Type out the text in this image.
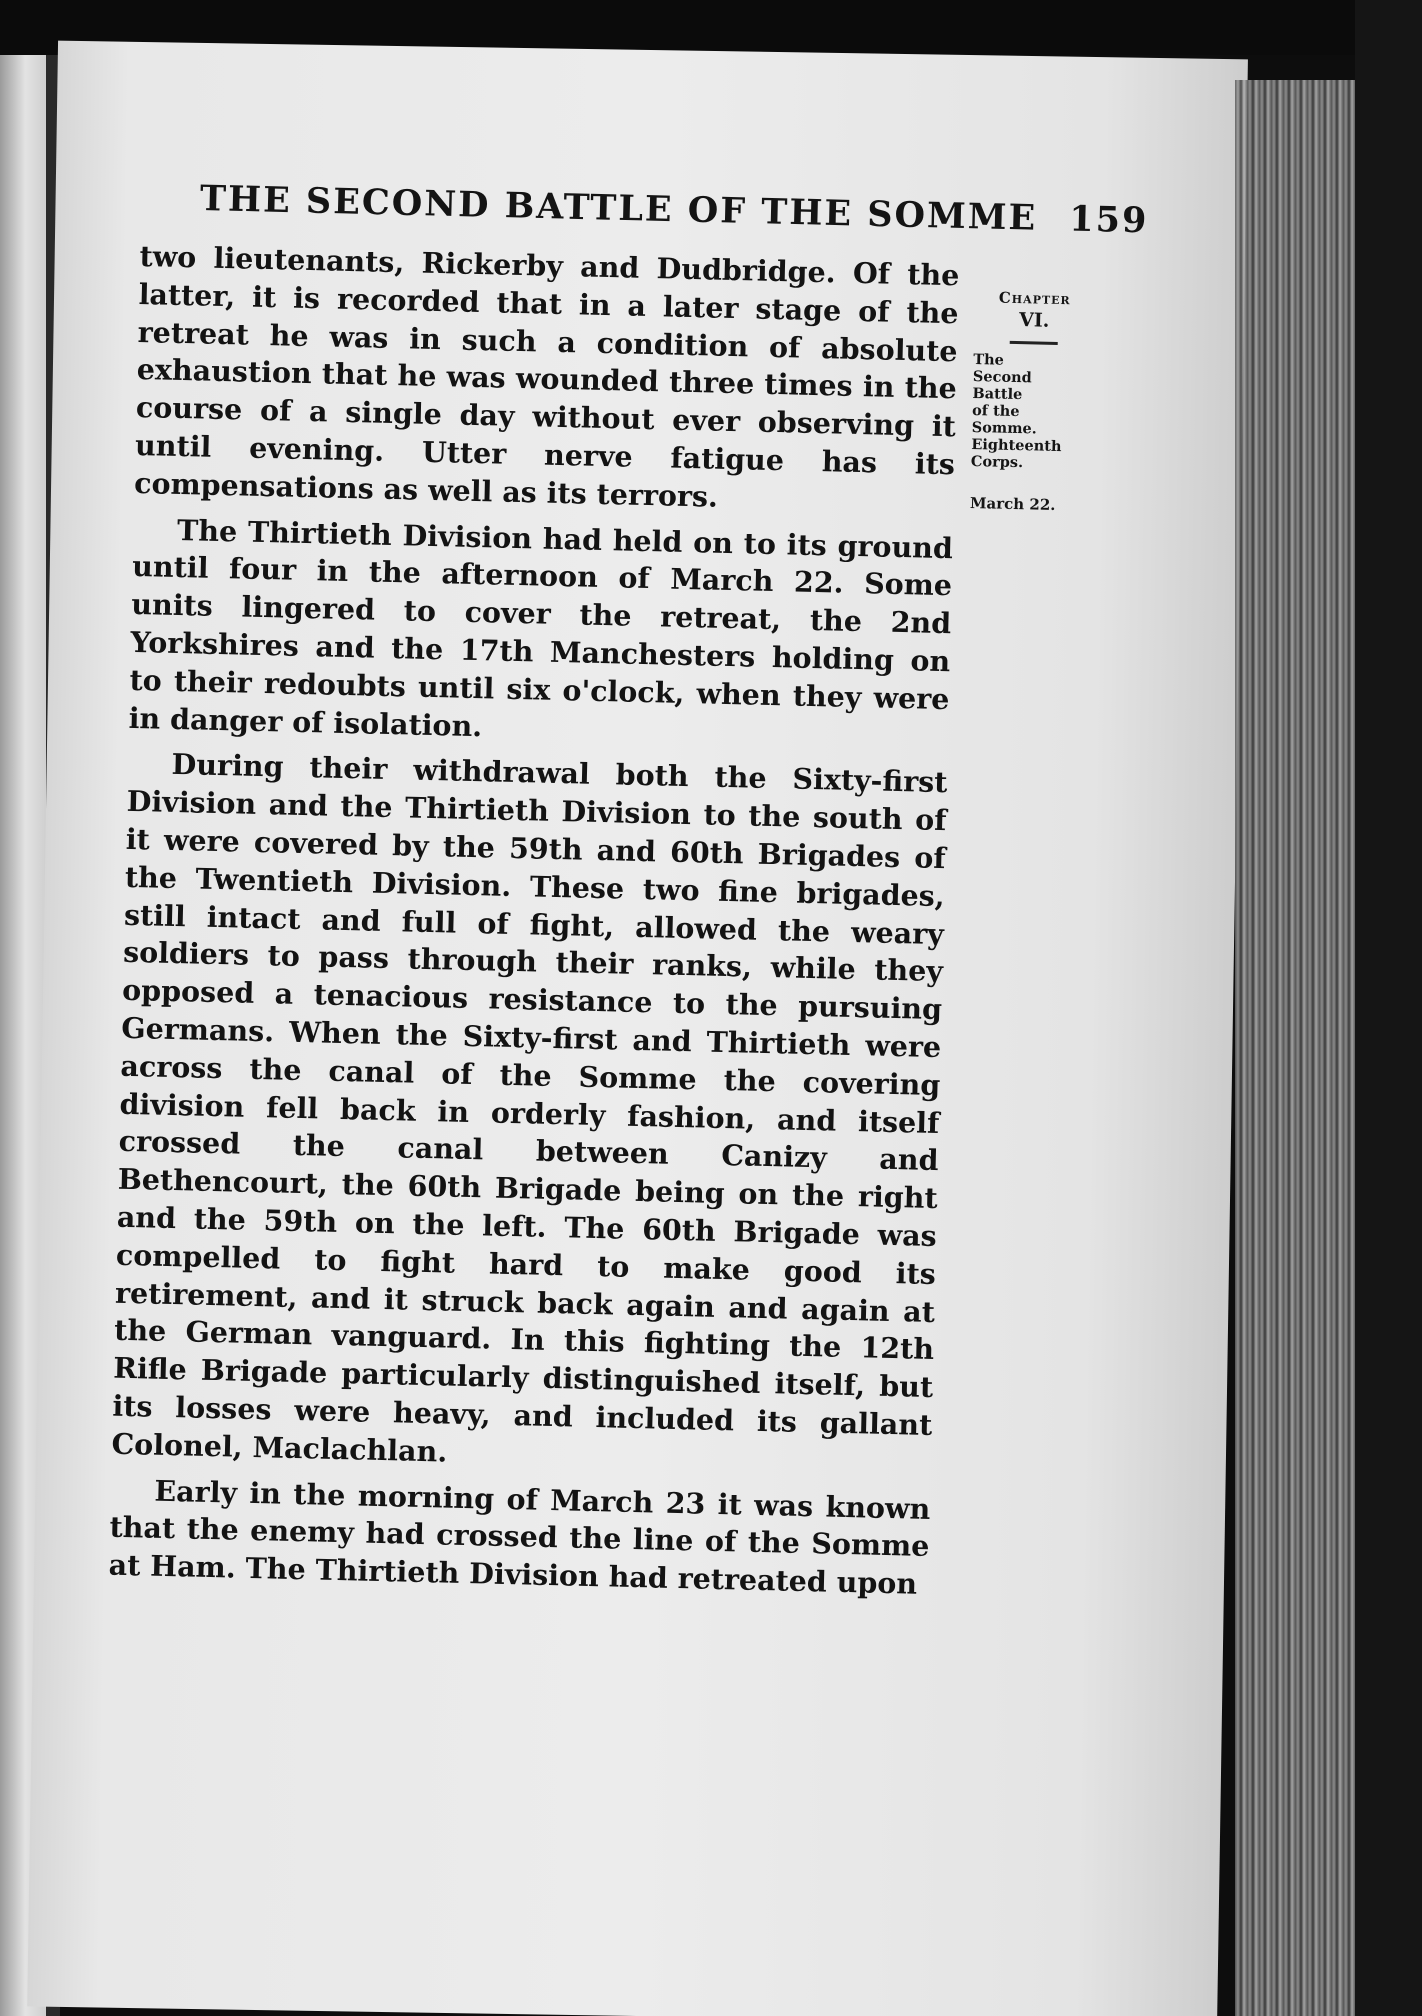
THE SECOND BATTLE OF THE SOMME 159

two lieutenants, Rickerby and Dudbridge. Of the latter, it is recorded that in a later stage of the retreat he was in such a condition of absolute exhaustion that he was wounded three times in the course of a single day without ever observing it until evening. Utter nerve fatigue has its compensations as well as its terrors.

The Thirtieth Division had held on to its ground until four in the afternoon of March 22. Some units lingered to cover the retreat, the 2nd Yorkshires and the 17th Manchesters holding on to their redoubts until six o'clock, when they were in danger of isolation.

During their withdrawal both the Sixty-first Division and the Thirtieth Division to the south of it were covered by the 59th and 60th Brigades of the Twentieth Division. These two fine brigades, still intact and full of fight, allowed the weary soldiers to pass through their ranks, while they opposed a tenacious resistance to the pursuing Germans. When the Sixty-first and Thirtieth were across the canal of the Somme the covering division fell back in orderly fashion, and itself crossed the canal between Canizy and Bethencourt, the 60th Brigade being on the right and the 59th on the left. The 60th Brigade was compelled to fight hard to make good its retirement, and it struck back again and again at the German vanguard. In this fighting the 12th Rifle Brigade particularly distinguished itself, but its losses were heavy, and included its gallant Colonel, Maclachlan.

Early in the morning of March 23 it was known that the enemy had crossed the line of the Somme at Ham. The Thirtieth Division had retreated upon

Chapter
VI.
The
Second
Battle
of the
Somme.
Eighteenth
Corps.
March 22.
